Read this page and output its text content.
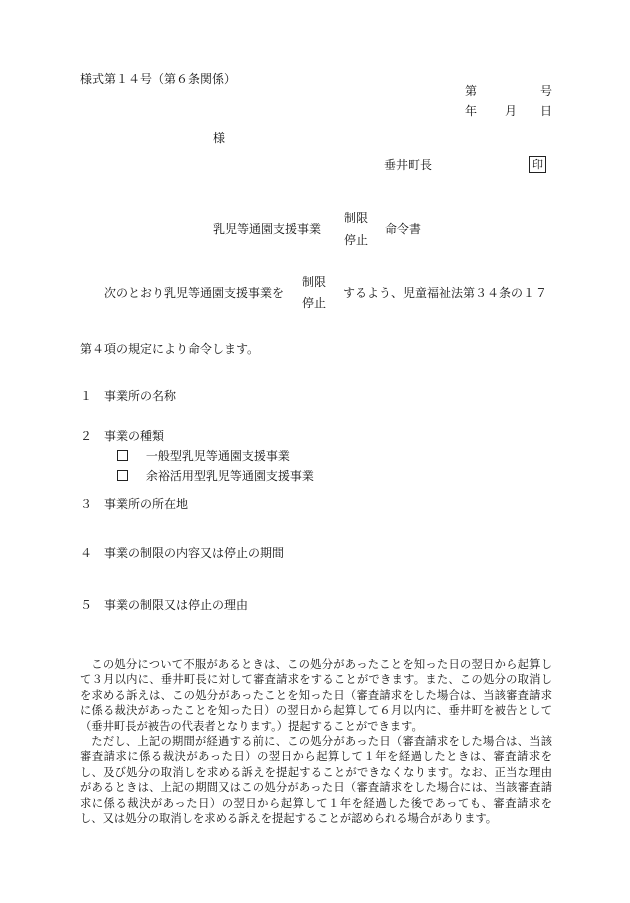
様式第１４号（第６条関係）
第	号
年 月 日
様
垂井町長	印
乳児等通園支援事業
制限
停止
命令書
次のとおり乳児等通園支援事業を
制限
停止
するよう、児童福祉法第３４条の１７
第４項の規定により命令します。
１ 事業所の名称
２ 事業の種類
一般型乳児等通園支援事業
余裕活用型乳児等通園支援事業
３ 事業所の所在地
４ 事業の制限の内容又は停止の期間
５ 事業の制限又は停止の理由

この処分について不服があるときは、この処分があったことを知った日の翌日から起算して３月以内に、垂井町長に対して審査請求をすることができます。また、この処分の取消しを求める訴えは、この処分があったことを知った日（審査請求をした場合は、当該審査請求に係る裁決があったことを知った日）の翌日から起算して６月以内に、垂井町を被告として（垂井町長が被告の代表者となります。）提起することができます。

ただし、上記の期間が経過する前に、この処分があった日（審査請求をした場合は、当該審査請求に係る裁決があった日）の翌日から起算して１年を経過したときは、審査請求をし、及び処分の取消しを求める訴えを提起することができなくなります。なお、正当な理由があるときは、上記の期間又はこの処分があった日（審査請求をした場合には、当該審査請求に係る裁決があった日）の翌日から起算して１年を経過した後であっても、審査請求をし、又は処分の取消しを求める訴えを提起することが認められる場合があります。
